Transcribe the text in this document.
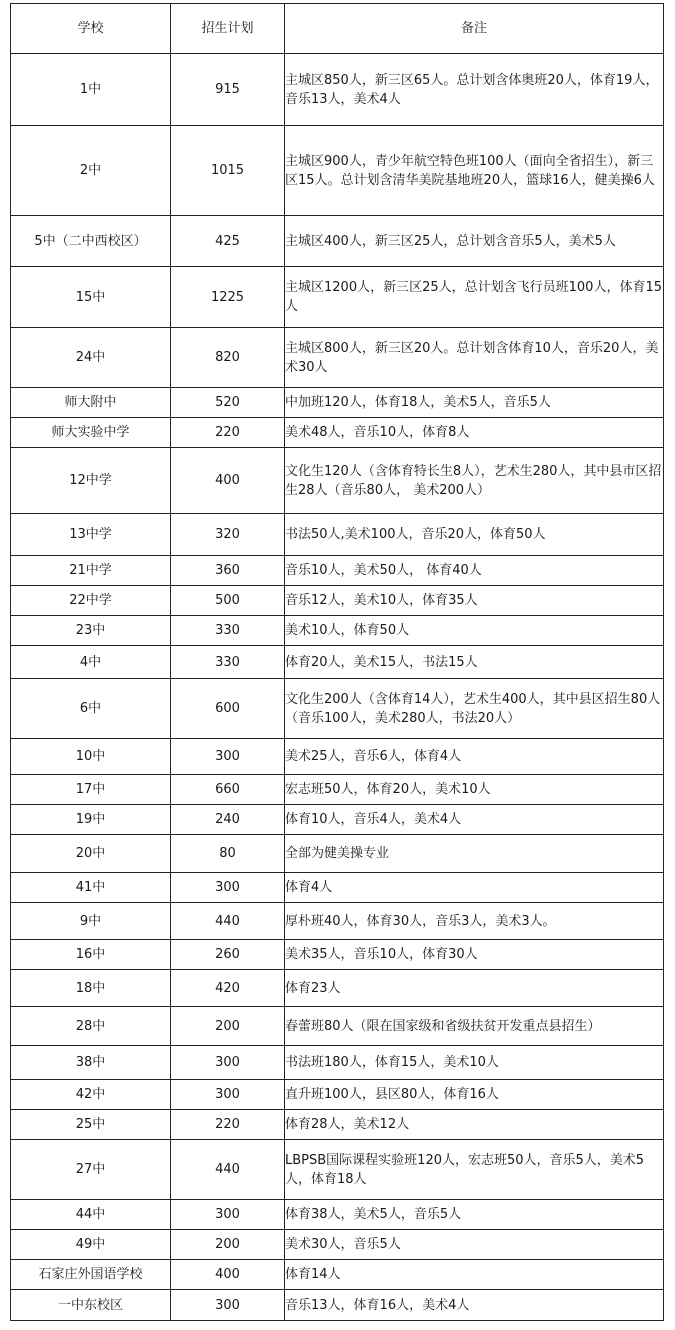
学校	招生计划	备注
1中	915	主城区850人，新三区65人。总计划含体奥班20人，体育19人，音乐13人，美术4人
2中	1015	主城区900人，青少年航空特色班100人（面向全省招生），新三区15人。总计划含清华美院基地班20人，篮球16人，健美操6人
5中（二中西校区）	425	主城区400人，新三区25人，总计划含音乐5人，美术5人
15中	1225	主城区1200人，新三区25人，总计划含飞行员班100人，体育15人
24中	820	主城区800人，新三区20人。总计划含体育10人，音乐20人，美术30人
师大附中	520	中加班120人，体育18人，美术5人，音乐5人
师大实验中学	220	美术48人，音乐10人，体育8人
12中学	400	文化生120人（含体育特长生8人），艺术生280人，其中县市区招生28人（音乐80人， 美术200人）
13中学	320	书法50人,美术100人，音乐20人，体育50人
21中学	360	音乐10人，美术50人， 体育40人
22中学	500	音乐12人，美术10人，体育35人
23中	330	美术10人，体育50人
4中	330	体育20人，美术15人，书法15人
6中	600	文化生200人（含体育14人），艺术生400人，其中县区招生80人（音乐100人，美术280人，书法20人）
10中	300	美术25人，音乐6人，体育4人
17中	660	宏志班50人，体育20人，美术10人
19中	240	体育10人，音乐4人，美术4人
20中	80	全部为健美操专业
41中	300	体育4人
9中	440	厚朴班40人，体育30人，音乐3人，美术3人。
16中	260	美术35人，音乐10人，体育30人
18中	420	体育23人
28中	200	春蕾班80人（限在国家级和省级扶贫开发重点县招生）
38中	300	书法班180人，体育15人，美术10人
42中	300	直升班100人，县区80人，体育16人
25中	220	体育28人，美术12人
27中	440	LBPSB国际课程实验班120人，宏志班50人，音乐5人，美术5人，体育18人
44中	300	体育38人，美术5人，音乐5人
49中	200	美术30人，音乐5人
石家庄外国语学校	400	体育14人
一中东校区	300	音乐13人，体育16人，美术4人
